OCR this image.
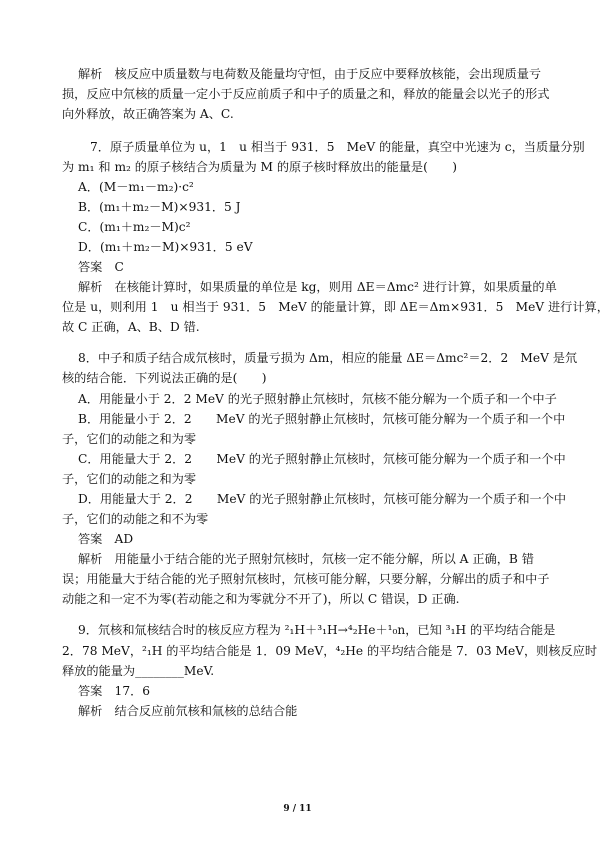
解析　核反应中质量数与电荷数及能量均守恒，由于反应中要释放核能，会出现质量亏
损，反应中氘核的质量一定小于反应前质子和中子的质量之和，释放的能量会以光子的形式
向外释放，故正确答案为 A、C.
7．原子质量单位为 u，1　u 相当于 931．5　MeV 的能量，真空中光速为 c，当质量分别
为 m₁ 和 m₂ 的原子核结合为质量为 M 的原子核时释放出的能量是(　　)
A．(M－m₁－m₂)·c²
B．(m₁＋m₂－M)×931．5 J
C．(m₁＋m₂－M)c²
D．(m₁＋m₂－M)×931．5 eV
答案　C
解析　在核能计算时，如果质量的单位是 kg，则用 ΔE＝Δmc² 进行计算，如果质量的单
位是 u，则利用 1　u 相当于 931．5　MeV 的能量计算，即 ΔE＝Δm×931．5　MeV 进行计算，
故 C 正确，A、B、D 错.
8．中子和质子结合成氘核时，质量亏损为 Δm，相应的能量 ΔE＝Δmc²＝2．2　MeV 是氘
核的结合能．下列说法正确的是(　　)
A．用能量小于 2．2 MeV 的光子照射静止氘核时，氘核不能分解为一个质子和一个中子
B．用能量小于 2．2　　MeV 的光子照射静止氘核时，氘核可能分解为一个质子和一个中
子，它们的动能之和为零
C．用能量大于 2．2　　MeV 的光子照射静止氘核时，氘核可能分解为一个质子和一个中
子，它们的动能之和为零
D．用能量大于 2．2　　MeV 的光子照射静止氘核时，氘核可能分解为一个质子和一个中
子，它们的动能之和不为零
答案　AD
解析　用能量小于结合能的光子照射氘核时，氘核一定不能分解，所以 A 正确，B 错
误；用能量大于结合能的光子照射氘核时，氘核可能分解，只要分解，分解出的质子和中子
动能之和一定不为零(若动能之和为零就分不开了)，所以 C 错误，D 正确.
9．氘核和氚核结合时的核反应方程为 ²₁H＋³₁H→⁴₂He＋¹₀n，已知 ³₁H 的平均结合能是
2．78 MeV，²₁H 的平均结合能是 1．09 MeV，⁴₂He 的平均结合能是 7．03 MeV，则核反应时
释放的能量为________MeV.
答案　17．6
解析　结合反应前氘核和氚核的总结合能
9 / 11
